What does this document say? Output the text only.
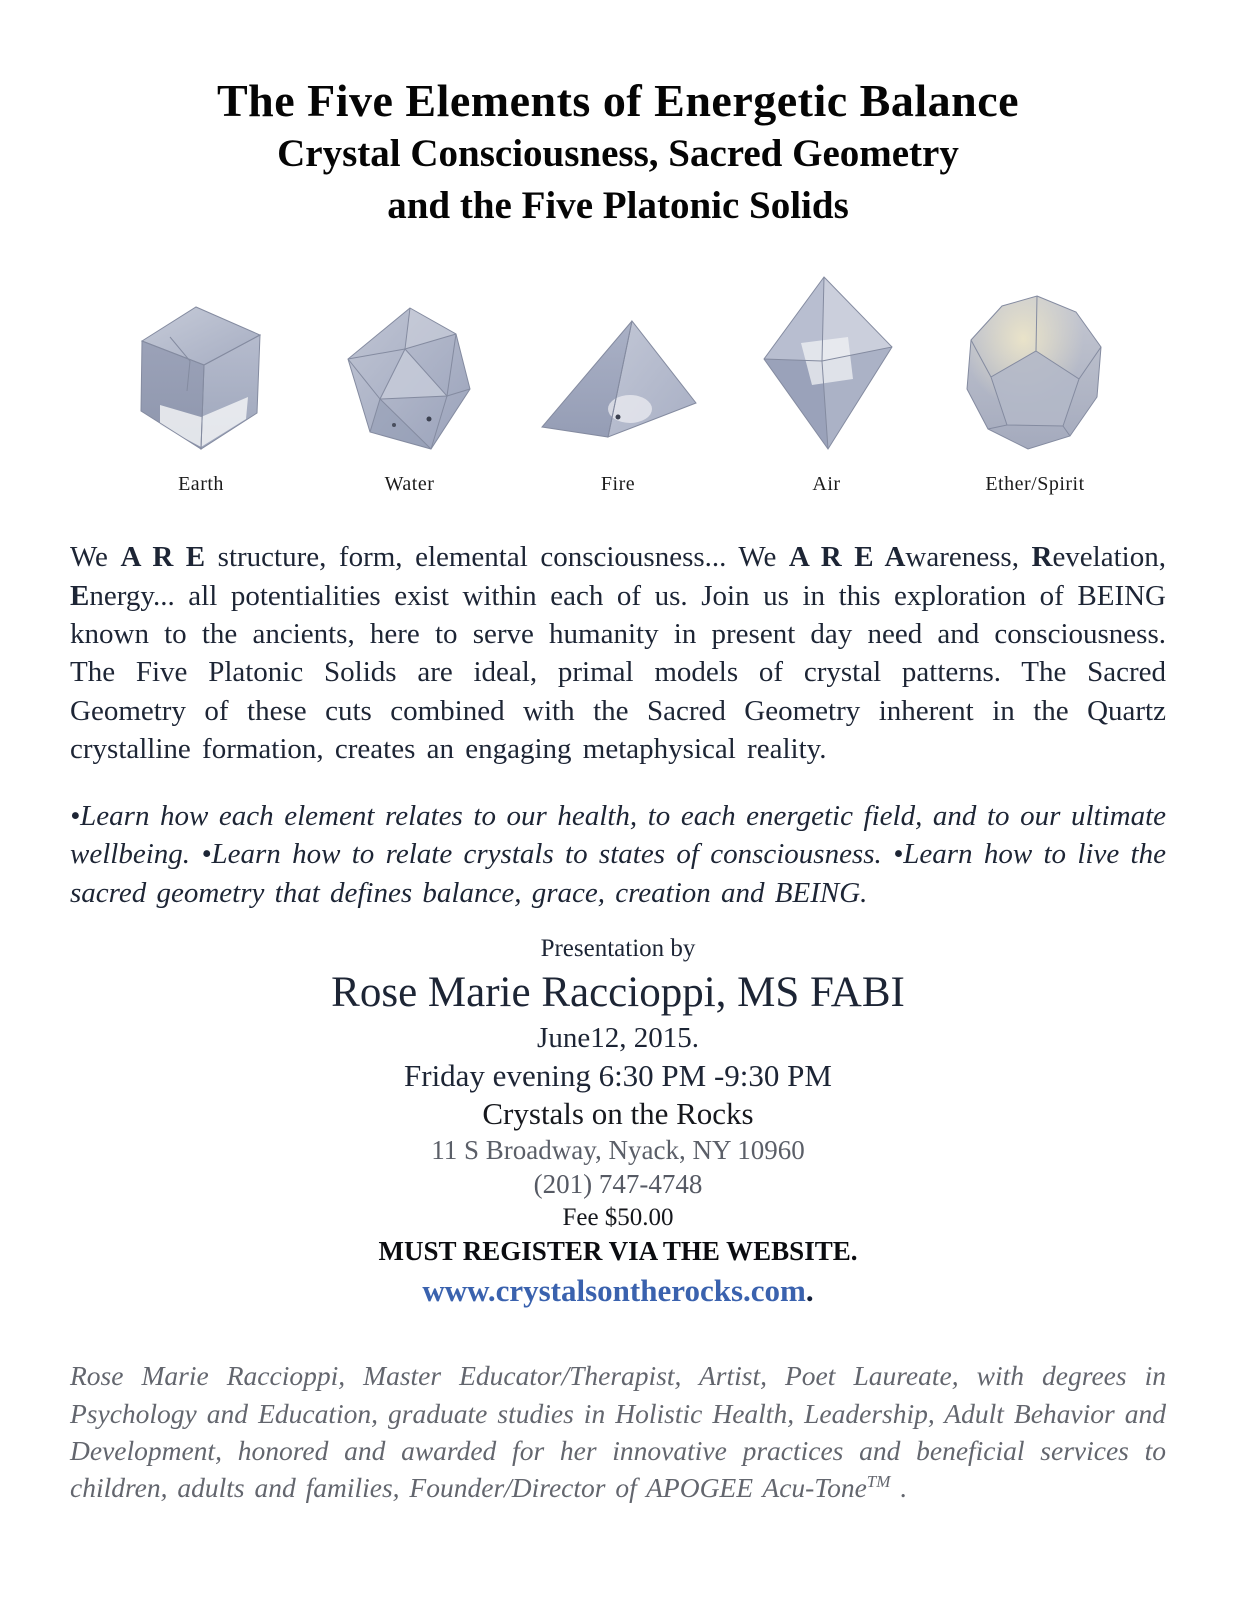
The Five Elements of Energetic Balance
Crystal Consciousness, Sacred Geometry
and the Five Platonic Solids
Earth	Water	Fire	Air	Ether/Spirit

We A R E structure, form, elemental consciousness... We A R E Awareness, Revelation, Energy... all potentialities exist within each of us. Join us in this exploration of BEING known to the ancients, here to serve humanity in present day need and consciousness. The Five Platonic Solids are ideal, primal models of crystal patterns. The Sacred Geometry of these cuts combined with the Sacred Geometry inherent in the Quartz crystalline formation, creates an engaging metaphysical reality.

•Learn how each element relates to our health, to each energetic field, and to our ultimate wellbeing. •Learn how to relate crystals to states of consciousness. •Learn how to live the sacred geometry that defines balance, grace, creation and BEING.

Presentation by
Rose Marie Raccioppi, MS FABI
June12, 2015.
Friday evening 6:30 PM -9:30 PM
Crystals on the Rocks
11 S Broadway, Nyack, NY 10960
(201) 747-4748
Fee $50.00
MUST REGISTER VIA THE WEBSITE.
www.crystalsontherocks.com.

Rose Marie Raccioppi, Master Educator/Therapist, Artist, Poet Laureate, with degrees in Psychology and Education, graduate studies in Holistic Health, Leadership, Adult Behavior and Development, honored and awarded for her innovative practices and beneficial services to children, adults and families, Founder/Director of APOGEE Acu-Tone™ .
